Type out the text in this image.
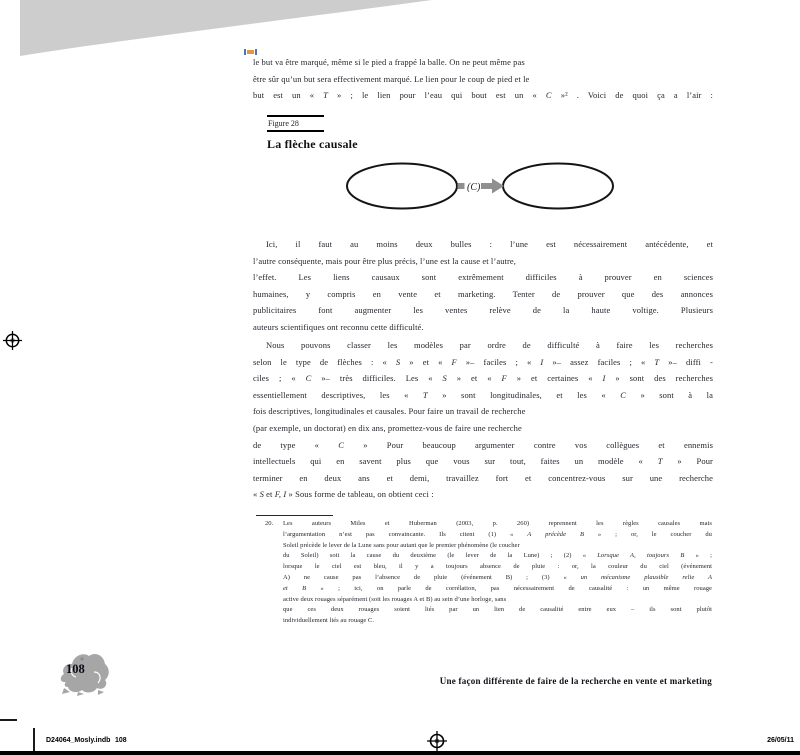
le but va être marqué, même si le pied a frappé la balle. On ne peut même pas
être sûr qu’un but sera effectivement marqué. Le lien pour le coup de pied et le
but est un « T » ; le lien pour l’eau qui bout est un « C »² . Voici de quoi ça a l’air :
Figure 28
La flèche causale
(C)
Ici, il faut au moins deux bulles : l’une est nécessairement antécédente, et
l’autre conséquente, mais pour être plus précis, l’une est la cause et l’autre,
l’effet. Les liens causaux sont extrêmement difficiles à prouver en sciences
humaines, y compris en vente et marketing. Tenter de prouver que des annonces
publicitaires font augmenter les ventes relève de la haute voltige. Plusieurs
auteurs scientifiques ont reconnu cette difficulté.
Nous pouvons classer les modèles par ordre de difficulté à faire les recherches
selon le type de flèches : « S » et « F »– faciles ; « I »– assez faciles ; « T »– diffi -
ciles ; « C »– très difficiles. Les « S » et « F » et certaines « I » sont des recherches
essentiellement descriptives, les « T » sont longitudinales, et les « C » sont à la
fois descriptives, longitudinales et causales. Pour faire un travail de recherche
(par exemple, un doctorat) en dix ans, promettez-vous de faire une recherche
de type « C » Pour beaucoup argumenter contre vos collègues et ennemis
intellectuels qui en savent plus que vous sur tout, faites un modèle « T » Pour
terminer en deux ans et demi, travaillez fort et concentrez-vous sur une recherche
« S et F, I » Sous forme de tableau, on obtient ceci :
20. Les auteurs Miles et Huberman (2003, p. 260) reprennent les règles causales mais
l’argumentation n’est pas convaincante. Ils citent (1) « A précède B » ; or, le coucher du
Soleil précède le lever de la Lune sans pour autant que le premier phénomène (le coucher
du Soleil) soit la cause du deuxième (le lever de la Lune) ; (2) « Lorsque A, toujours B » ;
lorsque le ciel est bleu, il y a toujours absence de pluie : or, la couleur du ciel (événement
A) ne cause pas l’absence de pluie (événement B) ; (3) « un mécanisme plausible relie A
et B » ; ici, on parle de corrélation, pas nécessairement de causalité : un même rouage
active deux rouages séparément (soit les rouages A et B) au sein d’une horloge, sans
que ces deux rouages soient liés par un lien de causalité entre eux – ils sont plutôt
individuellement liés au rouage C.
108
Une façon différente de faire de la recherche en vente et marketing
D24064_Mosly.indb 108	26/05/11
